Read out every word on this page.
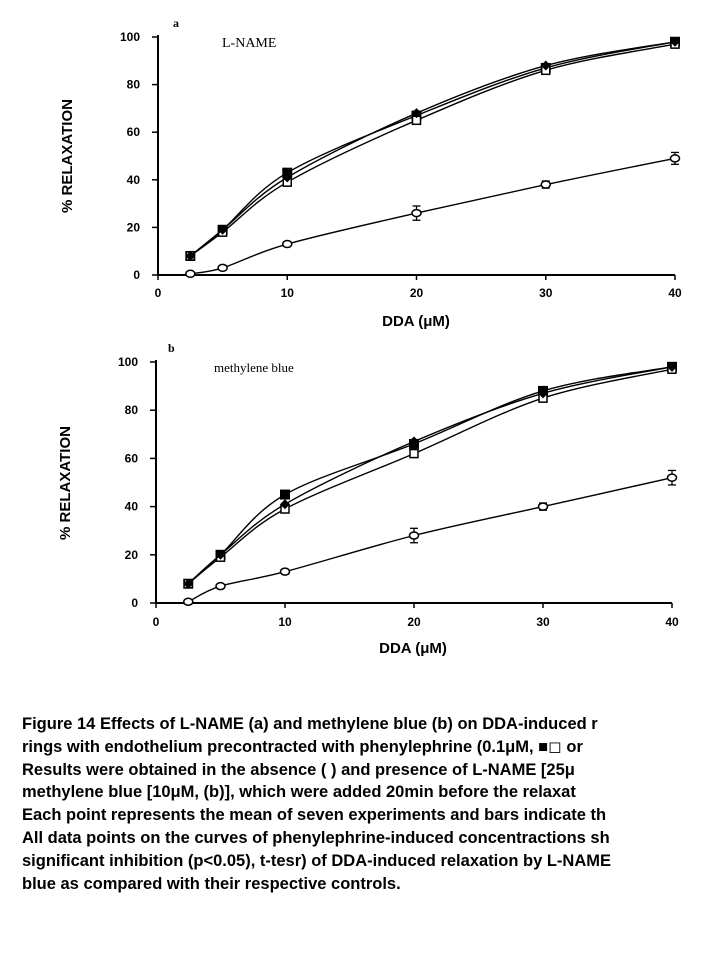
0	10	20	30	40
0
20
40
60
80
100
a
L-NAME
DDA (μM)
% RELAXATION
0	10	20	30	40
0
20
40
60
80
100
b
methylene blue
DDA (μM)
% RELAXATION
Figure 14 Effects of L-NAME (a) and methylene blue (b) on DDA-induced r
rings with endothelium precontracted with phenylephrine (0.1μM, ■◻ or
Results were obtained in the absence ( ) and presence of L-NAME [25μ
methylene blue [10μM, (b)], which were added 20min before the relaxat
Each point represents the mean of seven experiments and bars indicate th
All data points on the curves of phenylephrine-induced concentractions sh
significant inhibition (p<0.05), t-tesr) of DDA-induced relaxation by L-NAME
blue as compared with their respective controls.
